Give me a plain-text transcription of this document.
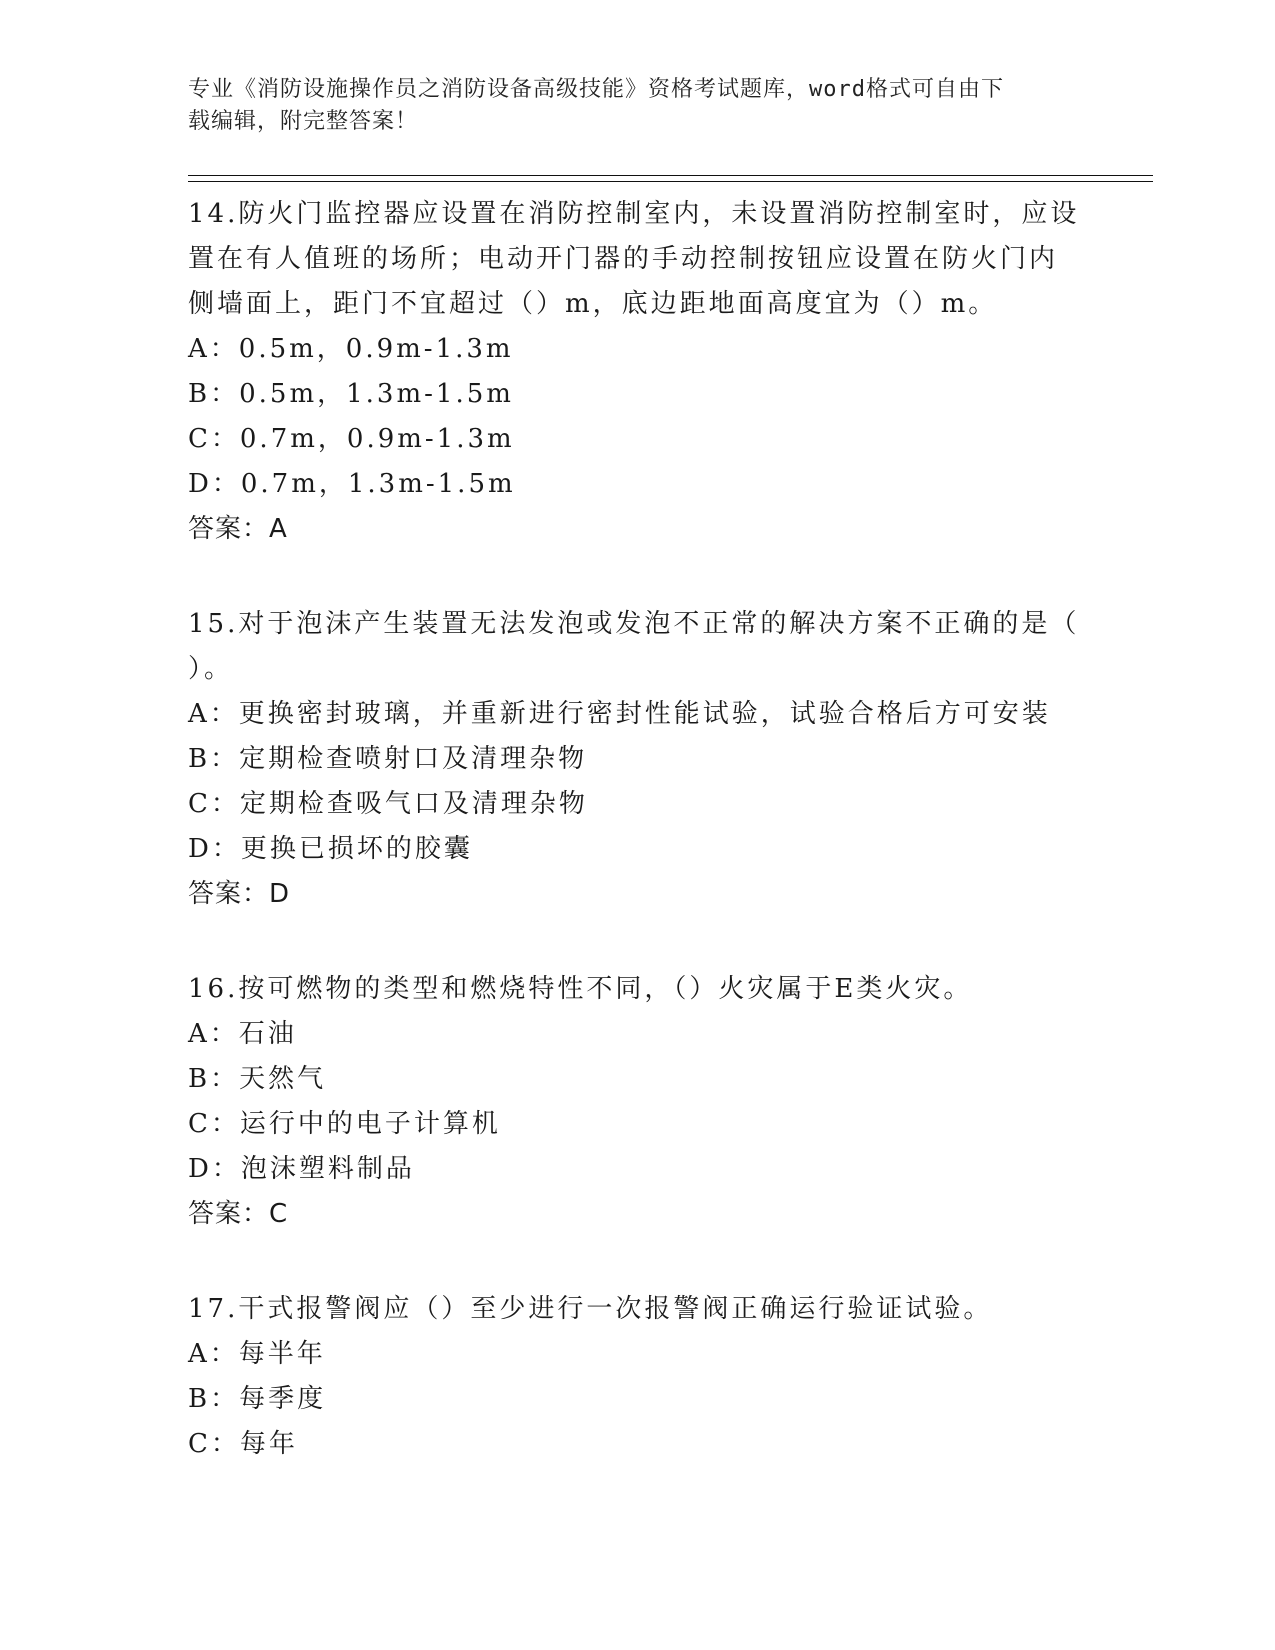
专业《消防设施操作员之消防设备高级技能》资格考试题库，word格式可自由下
载编辑，附完整答案！

14.防火门监控器应设置在消防控制室内，未设置消防控制室时，应设

置在有人值班的场所；电动开门器的手动控制按钮应设置在防火门内

侧墙面上，距门不宜超过（）m，底边距地面高度宜为（）m。

A：0.5m，0.9m-1.3m

B：0.5m，1.3m-1.5m

C：0.7m，0.9m-1.3m

D：0.7m，1.3m-1.5m

答案：A

15.对于泡沫产生装置无法发泡或发泡不正常的解决方案不正确的是（

）。

A：更换密封玻璃，并重新进行密封性能试验，试验合格后方可安装

B：定期检查喷射口及清理杂物

C：定期检查吸气口及清理杂物

D：更换已损坏的胶囊

答案：D

16.按可燃物的类型和燃烧特性不同，（）火灾属于E类火灾。

A：石油

B：天然气

C：运行中的电子计算机

D：泡沫塑料制品

答案：C

17.干式报警阀应（）至少进行一次报警阀正确运行验证试验。

A：每半年

B：每季度

C：每年
